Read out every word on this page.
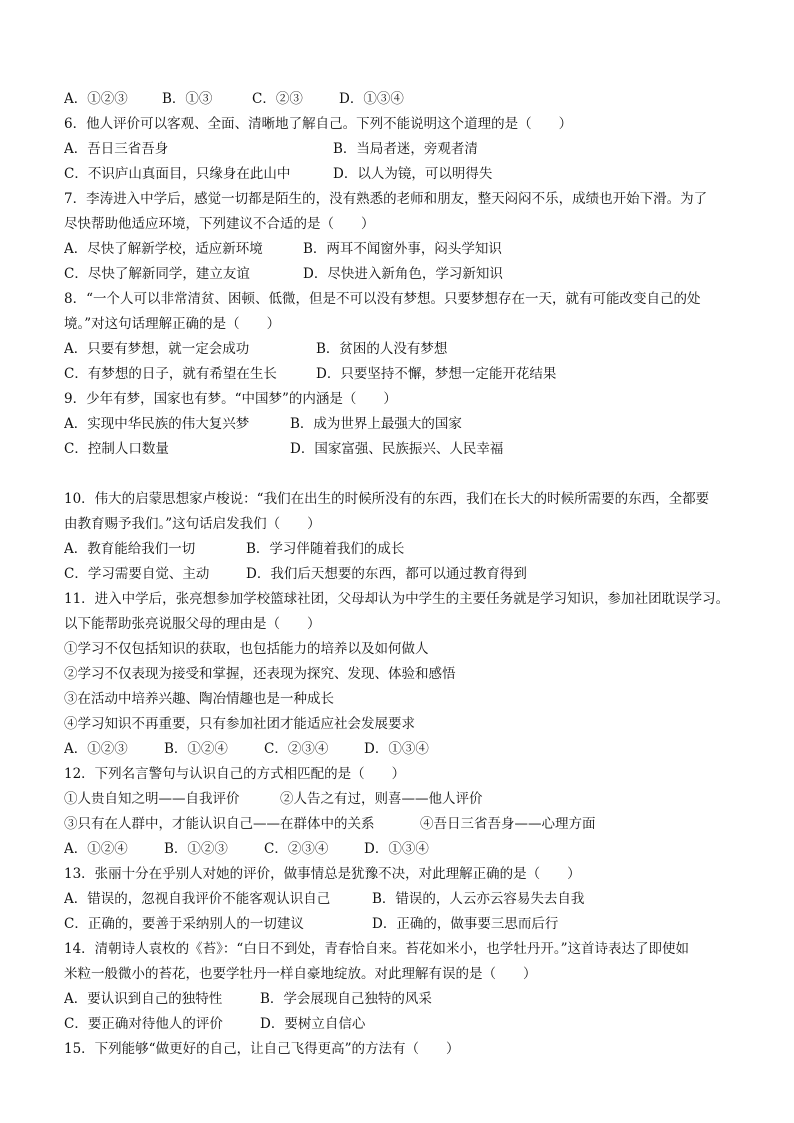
A．①②③	B．①③	C．②③	D．①③④
6．他人评价可以客观、全面、清晰地了解自己。下列不能说明这个道理的是（　　）
A．吾日三省吾身	B．当局者迷，旁观者清
C．不识庐山真面目，只缘身在此山中	D．以人为镜，可以明得失
7．李涛进入中学后，感觉一切都是陌生的，没有熟悉的老师和朋友，整天闷闷不乐，成绩也开始下滑。为了
尽快帮助他适应环境，下列建议不合适的是（　　）
A．尽快了解新学校，适应新环境	B．两耳不闻窗外事，闷头学知识
C．尽快了解新同学，建立友谊	D．尽快进入新角色，学习新知识
8．“一个人可以非常清贫、困顿、低微，但是不可以没有梦想。只要梦想存在一天，就有可能改变自己的处
境。”对这句话理解正确的是（　　）
A．只要有梦想，就一定会成功	B．贫困的人没有梦想
C．有梦想的日子，就有希望在生长	D．只要坚持不懈，梦想一定能开花结果
9．少年有梦，国家也有梦。“中国梦”的内涵是（　　）
A．实现中华民族的伟大复兴梦	B．成为世界上最强大的国家
C．控制人口数量	D．国家富强、民族振兴、人民幸福
10．伟大的启蒙思想家卢梭说：“我们在出生的时候所没有的东西，我们在长大的时候所需要的东西，全都要
由教育赐予我们。”这句话启发我们（　　）
A．教育能给我们一切	B．学习伴随着我们的成长
C．学习需要自觉、主动	D．我们后天想要的东西，都可以通过教育得到
11．进入中学后，张亮想参加学校篮球社团，父母却认为中学生的主要任务就是学习知识，参加社团耽误学习。
以下能帮助张亮说服父母的理由是（　　）
①学习不仅包括知识的获取，也包括能力的培养以及如何做人
②学习不仅表现为接受和掌握，还表现为探究、发现、体验和感悟
③在活动中培养兴趣、陶冶情趣也是一种成长
④学习知识不再重要，只有参加社团才能适应社会发展要求
A．①②③	B．①②④	C．②③④	D．①③④
12．下列名言警句与认识自己的方式相匹配的是（　　）
①人贵自知之明——自我评价	②人告之有过，则喜——他人评价
③只有在人群中，才能认识自己——在群体中的关系	④吾日三省吾身——心理方面
A．①②④	B．①②③	C．②③④	D．①③④
13．张丽十分在乎别人对她的评价，做事情总是犹豫不决，对此理解正确的是（　　）
A．错误的，忽视自我评价不能客观认识自己	B．错误的，人云亦云容易失去自我
C．正确的，要善于采纳别人的一切建议	D．正确的，做事要三思而后行
14．清朝诗人袁枚的《苔》：“白日不到处，青春恰自来。苔花如米小，也学牡丹开。”这首诗表达了即使如
米粒一般微小的苔花，也要学牡丹一样自豪地绽放。对此理解有误的是（　　）
A．要认识到自己的独特性	B．学会展现自己独特的风采
C．要正确对待他人的评价	D．要树立自信心
15．下列能够“做更好的自己，让自己飞得更高”的方法有（　　）
